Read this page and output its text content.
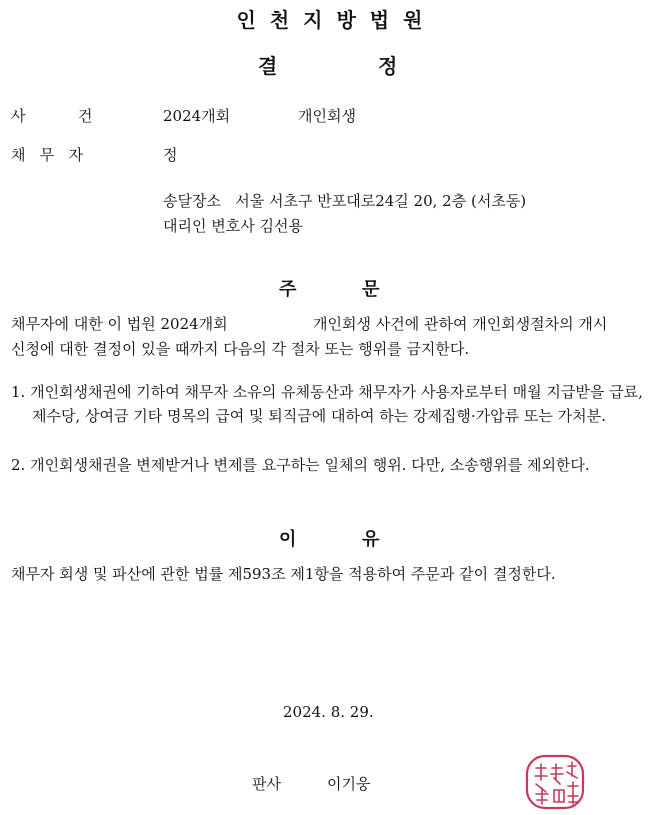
인천지방법원
결	정
사           건	2024개회	개인회생
채   무   자	정
송달장소   서울 서초구 반포대로24길 20, 2층 (서초동)
대리인 변호사 김선용
주	문
채무자에 대한 이 법원 2024개회	개인회생 사건에 관하여 개인회생절차의 개시
신청에 대한 결정이 있을 때까지 다음의 각 절차 또는 행위를 금지한다.
1. 개인회생채권에 기하여 채무자 소유의 유체동산과 채무자가 사용자로부터 매월 지급받을 급료, 제수당, 상여금 기타 명목의 급여 및 퇴직금에 대하여 하는 강제집행·가압류 또는 가처분.
2. 개인회생채권을 변제받거나 변제를 요구하는 일체의 행위. 다만, 소송행위를 제외한다.
이	유
채무자 회생 및 파산에 관한 법률 제593조 제1항을 적용하여 주문과 같이 결정한다.
2024. 8. 29.
판사	이기웅
